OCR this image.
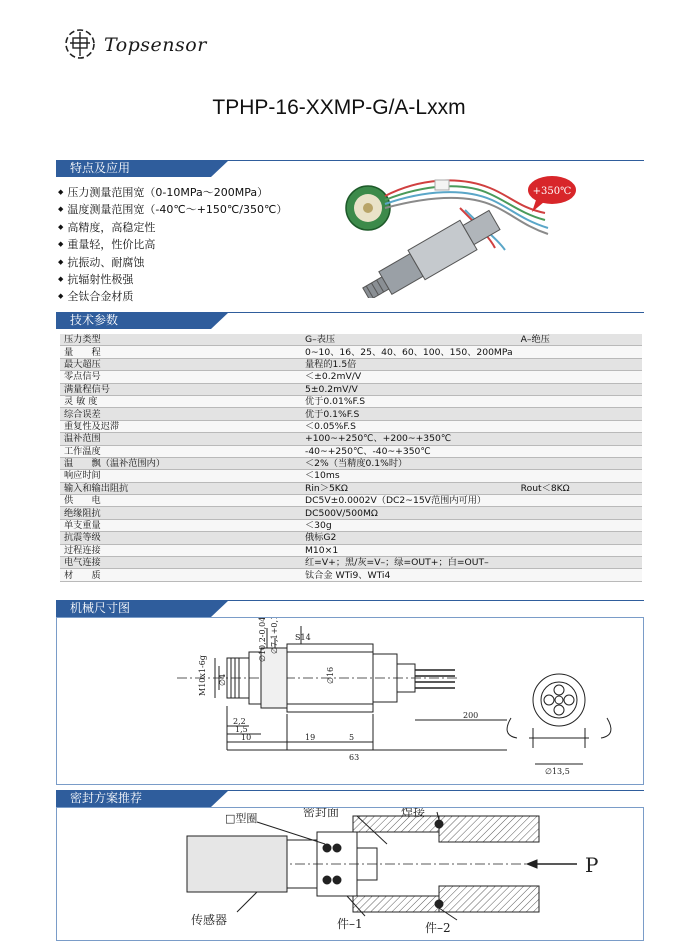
Topsensor
TPHP-16-XXMP-G/A-Lxxm
特点及应用
◆ 压力测量范围宽（0-10MPa～200MPa）
◆ 温度测量范围宽（-40℃～+150℃/350℃）
◆ 高精度，高稳定性
◆ 重量轻，性价比高
◆ 抗振动、耐腐蚀
◆ 抗辐射性极强
◆ 全钛合金材质
+350℃
技术参数
压力类型	G–表压	A–绝压
量　　程	0~10、16、25、40、60、100、150、200MPa	
最大超压	量程的1.5倍	
零点信号	＜±0.2mV/V	
满量程信号	5±0.2mV/V	
灵 敏 度	优于0.01%F.S	
综合误差	优于0.1%F.S	
重复性及迟滞	＜0.05%F.S	
温补范围	+100~+250℃、+200~+350℃	
工作温度	-40~+250℃、-40~+350℃	
温　　飘（温补范围内）	＜2%（当精度0.1%时）	
响应时间	＜10ms	
输入和输出阻抗	Rin＞5KΩ	Rout＜8KΩ
供　　电	DC5V±0.0002V（DC2~15V范围内可用）	
绝缘阻抗	DC500V/500MΩ	
单支重量	＜30g	
抗震等级	俄标G2	
过程连接	M10×1	
电气连接	红=V+；黑/灰=V–；绿=OUT+；白=OUT–	
材　　质	钛合金 WTi9、WTi4	
机械尺寸图
M10x1-6g ∅4
∅10,2-0,043 ∅7,1+0,1 S14
∅16
2,2
1,5
10	19	5
63
200
∅13,5
密封方案推荐
□型圈	密封面	焊接
传感器	件–1	件–2
P
